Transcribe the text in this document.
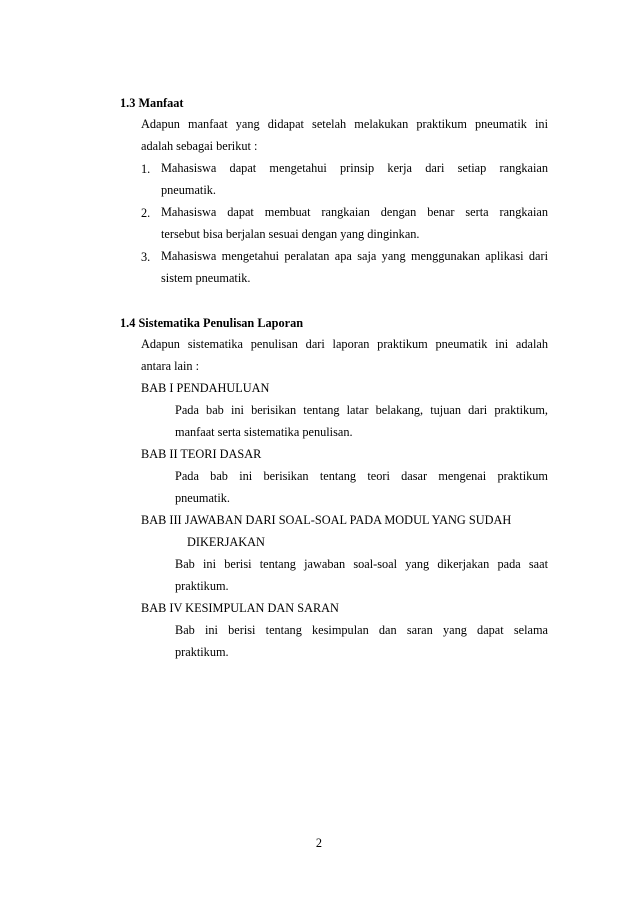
1.3 Manfaat
Adapun manfaat yang didapat setelah melakukan praktikum pneumatik ini
adalah sebagai berikut :
1. Mahasiswa dapat mengetahui prinsip kerja dari setiap rangkaian
pneumatik.
2. Mahasiswa dapat membuat rangkaian dengan benar serta rangkaian
tersebut bisa berjalan sesuai dengan yang dinginkan.
3. Mahasiswa mengetahui peralatan apa saja yang menggunakan aplikasi dari
sistem pneumatik.
1.4 Sistematika Penulisan Laporan
Adapun sistematika penulisan dari laporan praktikum pneumatik ini adalah
antara lain :
BAB I PENDAHULUAN
Pada bab ini berisikan tentang latar belakang, tujuan dari praktikum,
manfaat serta sistematika penulisan.
BAB II TEORI DASAR
Pada bab ini berisikan tentang teori dasar mengenai praktikum
pneumatik.
BAB III JAWABAN DARI SOAL-SOAL PADA MODUL YANG SUDAH
DIKERJAKAN
Bab ini berisi tentang jawaban soal-soal yang dikerjakan pada saat
praktikum.
BAB IV KESIMPULAN DAN SARAN
Bab ini berisi tentang kesimpulan dan saran yang dapat selama
praktikum.
2
